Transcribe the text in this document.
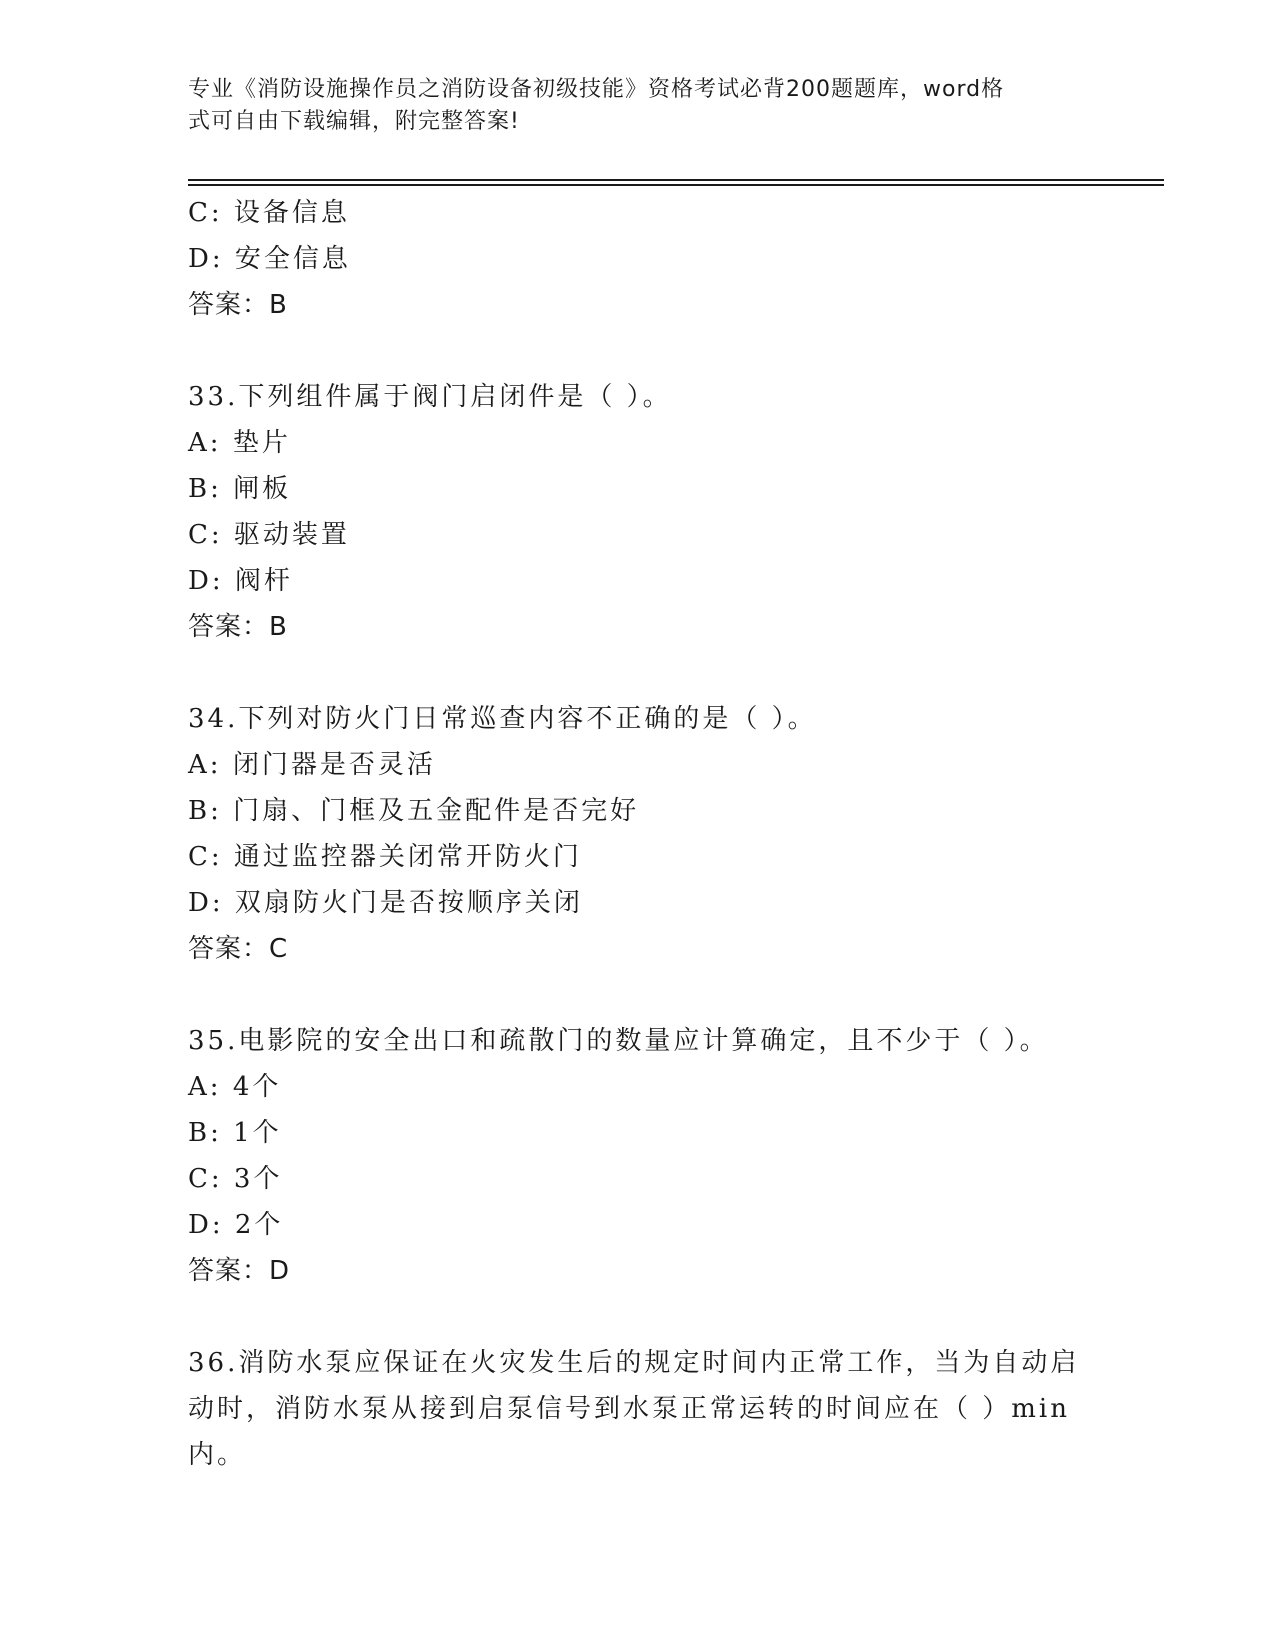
专业《消防设施操作员之消防设备初级技能》资格考试必背200题题库，word格

式可自由下载编辑，附完整答案!

C: 设备信息
D: 安全信息
答案：B
33.下列组件属于阀门启闭件是（ ）。
A: 垫片
B: 闸板
C: 驱动装置
D: 阀杆
答案：B
34.下列对防火门日常巡查内容不正确的是（ ）。
A: 闭门器是否灵活
B: 门扇、门框及五金配件是否完好
C: 通过监控器关闭常开防火门
D: 双扇防火门是否按顺序关闭
答案：C
35.电影院的安全出口和疏散门的数量应计算确定，且不少于（ ）。
A: 4个
B: 1个
C: 3个
D: 2个
答案：D
36.消防水泵应保证在火灾发生后的规定时间内正常工作，当为自动启动时，消防水泵从接到启泵信号到水泵正常运转的时间应在（ ）min内。
